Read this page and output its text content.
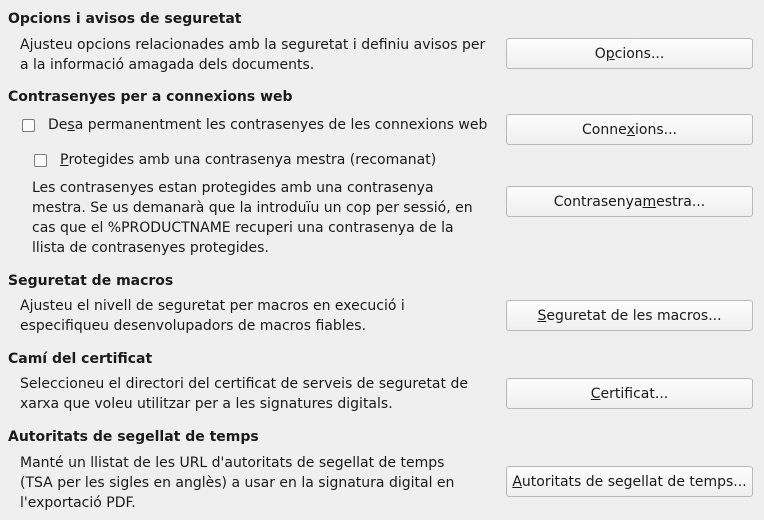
Opcions i avisos de seguretat
Ajusteu opcions relacionades amb la seguretat i definiu avisos per a la informació amagada dels documents.
O p cions...
Contrasenyes per a connexions web
De s a permanentment les contrasenyes de les connexions web	Conne x ions...
P rotegides amb una contrasenya mestra (recomanat)
Les contrasenyes estan protegides amb una contrasenya mestra. Se us demanarà que la introduïu un cop per sessió, en cas que el %PRODUCTNAME recuperi una contrasenya de la llista de contrasenyes protegides.
Contrasenya m estra...
Seguretat de macros
Ajusteu el nivell de seguretat per macros en execució i especifiqueu desenvolupadors de macros fiables.
S eguretat de les macros...
Camí del certificat
Seleccioneu el directori del certificat de serveis de seguretat de xarxa que voleu utilitzar per a les signatures digitals.
C ertificat...
Autoritats de segellat de temps
Manté un llistat de les URL d'autoritats de segellat de temps (TSA per les sigles en anglès) a usar en la signatura digital en l'exportació PDF.
A utoritats de segellat de temps...
